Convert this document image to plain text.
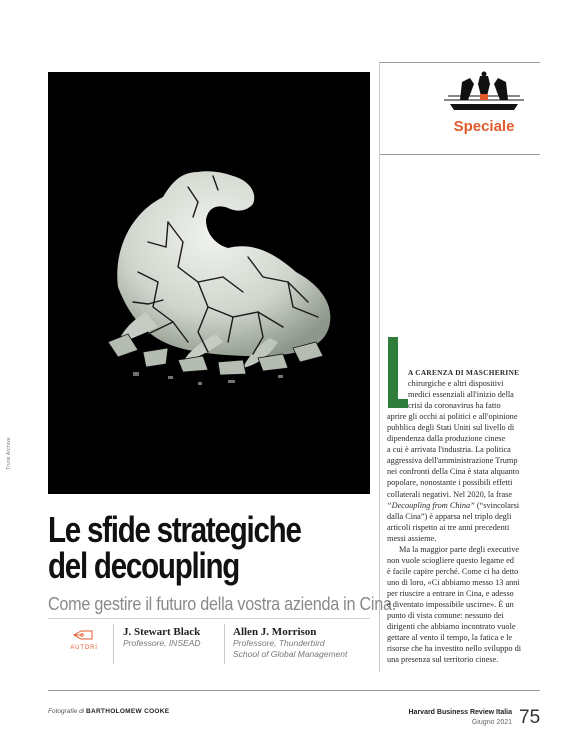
Trunk Archive
Speciale
Le sfide strategiche
del decoupling
Come gestire il futuro della vostra azienda in Cina.
AUTORI
J. Stewart Black
Professore, INSEAD
Allen J. Morrison
Professore, Thunderbird
School of Global Management

A CARENZA DI MASCHERINE
chirurgiche e altri dispositivi
medici essenziali all'inizio della
crisi da coronavirus ha fatto
aprire gli occhi ai politici e all'opinione
pubblica degli Stati Uniti sul livello di
dipendenza dalla produzione cinese
a cui è arrivata l'industria. La politica
aggressiva dell'amministrazione Trump
nei confronti della Cina è stata alquanto
popolare, nonostante i possibili effetti
collaterali negativi. Nel 2020, la frase
“Decoupling from China” (“svincolarsi
dalla Cina”) è apparsa nel triplo degli
articoli rispetto ai tre anni precedenti
messi assieme.

Ma la maggior parte degli executive
non vuole sciogliere questo legame ed
è facile capire perché. Come ci ha detto
uno di loro, «Ci abbiamo messo 13 anni
per riuscire a entrare in Cina, e adesso
è diventato impossibile uscirne». È un
punto di vista comune: nessuno dei
dirigenti che abbiamo incontrato vuole
gettare al vento il tempo, la fatica e le
risorse che ha investito nello sviluppo di
una presenza sul territorio cinese.

Fotografie di BARTHOLOMEW COOKE	Harvard Business Review Italia
Giugno 2021 75
